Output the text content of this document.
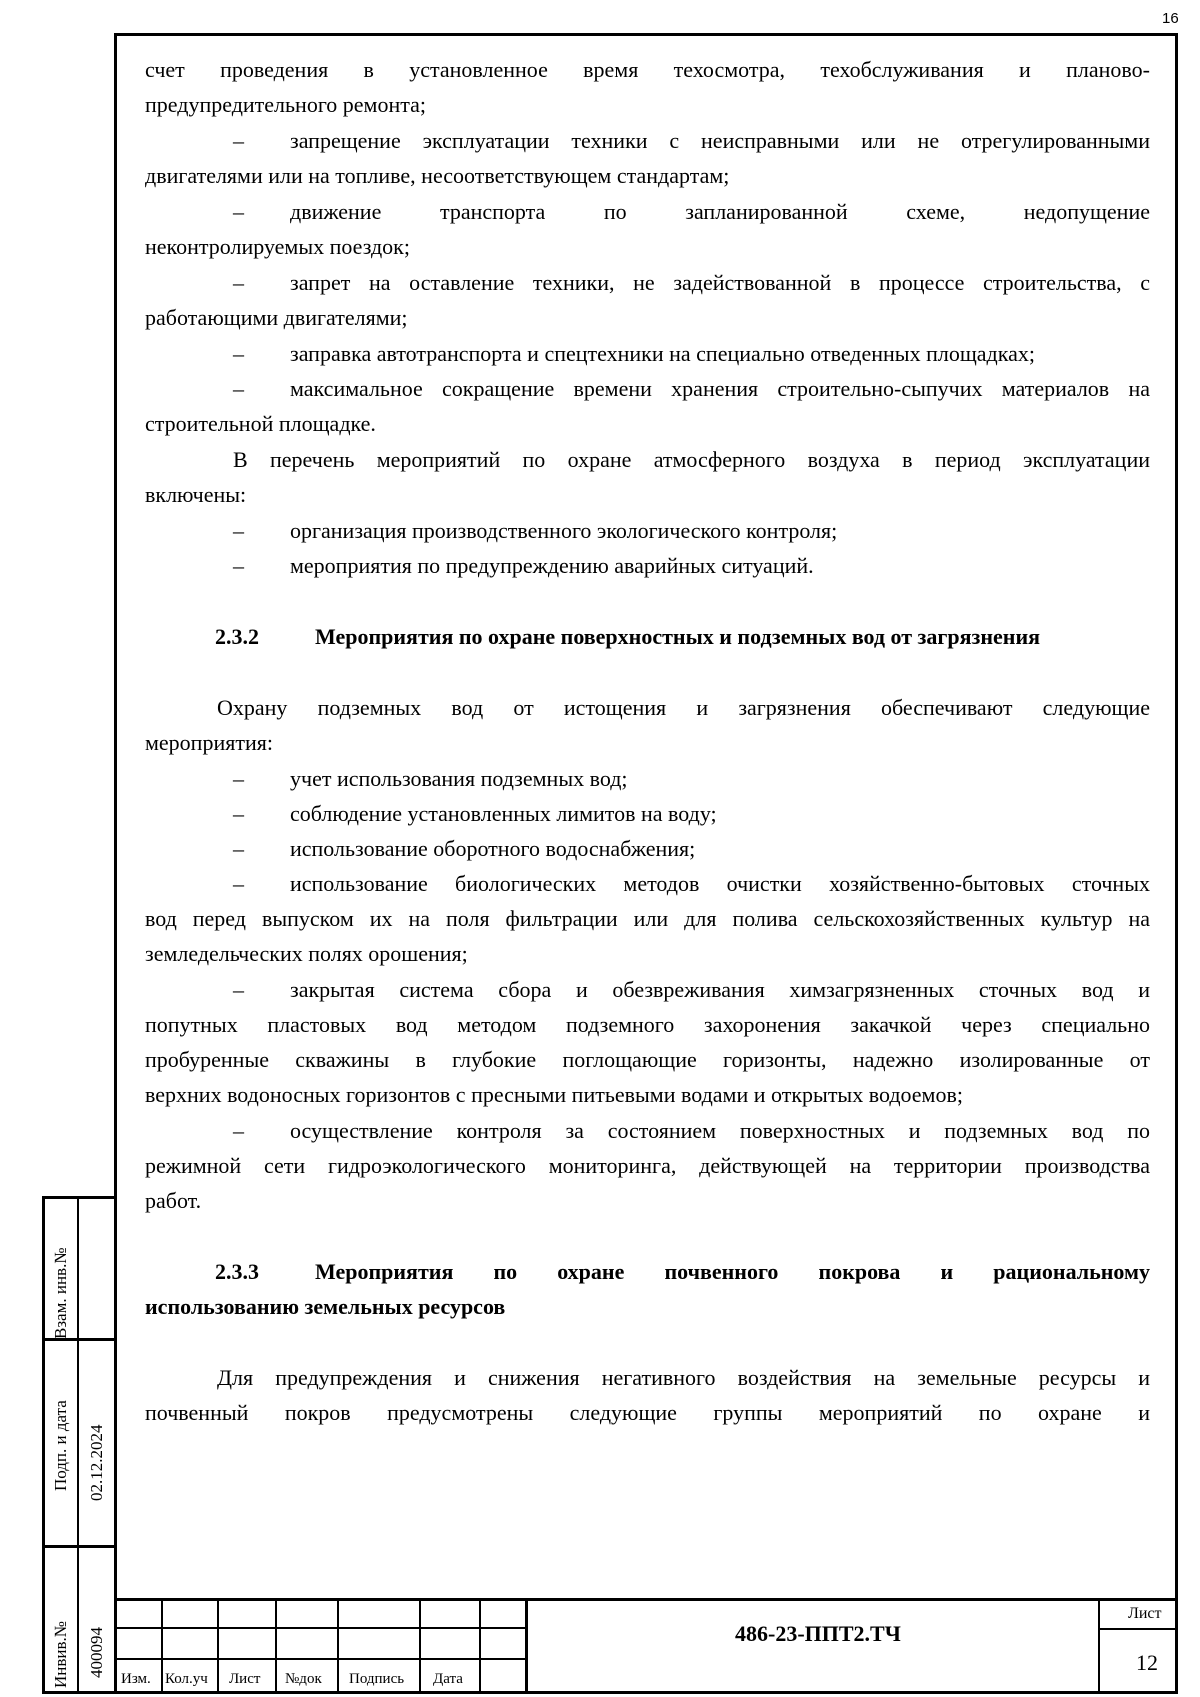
16

счет проведения в установленное время техосмотра, техобслуживания и планово-

предупредительного ремонта;

– запрещение эксплуатации техники с неисправными или не отрегулированными

двигателями или на топливе, несоответствующем стандартам;

– движение транспорта по запланированной схеме, недопущение

неконтролируемых поездок;

– запрет на оставление техники, не задействованной в процессе строительства, с

работающими двигателями;

– заправка автотранспорта и спецтехники на специально отведенных площадках;

– максимальное сокращение времени хранения строительно-сыпучих материалов на

строительной площадке.

В перечень мероприятий по охране атмосферного воздуха в период эксплуатации

включены:

– организация производственного экологического контроля;

– мероприятия по предупреждению аварийных ситуаций.

2.3.2	Мероприятия по охране поверхностных и подземных вод от загрязнения

Охрану подземных вод от истощения и загрязнения обеспечивают следующие

мероприятия:

– учет использования подземных вод;

– соблюдение установленных лимитов на воду;

– использование оборотного водоснабжения;

– использование биологических методов очистки хозяйственно-бытовых сточных

вод перед выпуском их на поля фильтрации или для полива сельскохозяйственных культур на

земледельческих полях орошения;

– закрытая система сбора и обезвреживания химзагрязненных сточных вод и

попутных пластовых вод методом подземного захоронения закачкой через специально

пробуренные скважины в глубокие поглощающие горизонты, надежно изолированные от

верхних водоносных горизонтов с пресными питьевыми водами и открытых водоемов;

– осуществление контроля за состоянием поверхностных и подземных вод по

режимной сети гидроэкологического мониторинга, действующей на территории производства

работ.

2.3.3	Мероприятия по охране почвенного покрова и рациональному

использованию земельных ресурсов

Для предупреждения и снижения негативного воздействия на земельные ресурсы и

почвенный покров предусмотрены следующие группы мероприятий по охране и

Взам. инв.№
Подп. и дата 02.12.2024
Инвив.№ 400094
Изм. Кол.уч Лист №док Подпись Дата
486-23-ППТ2.ТЧ
Лист
12
